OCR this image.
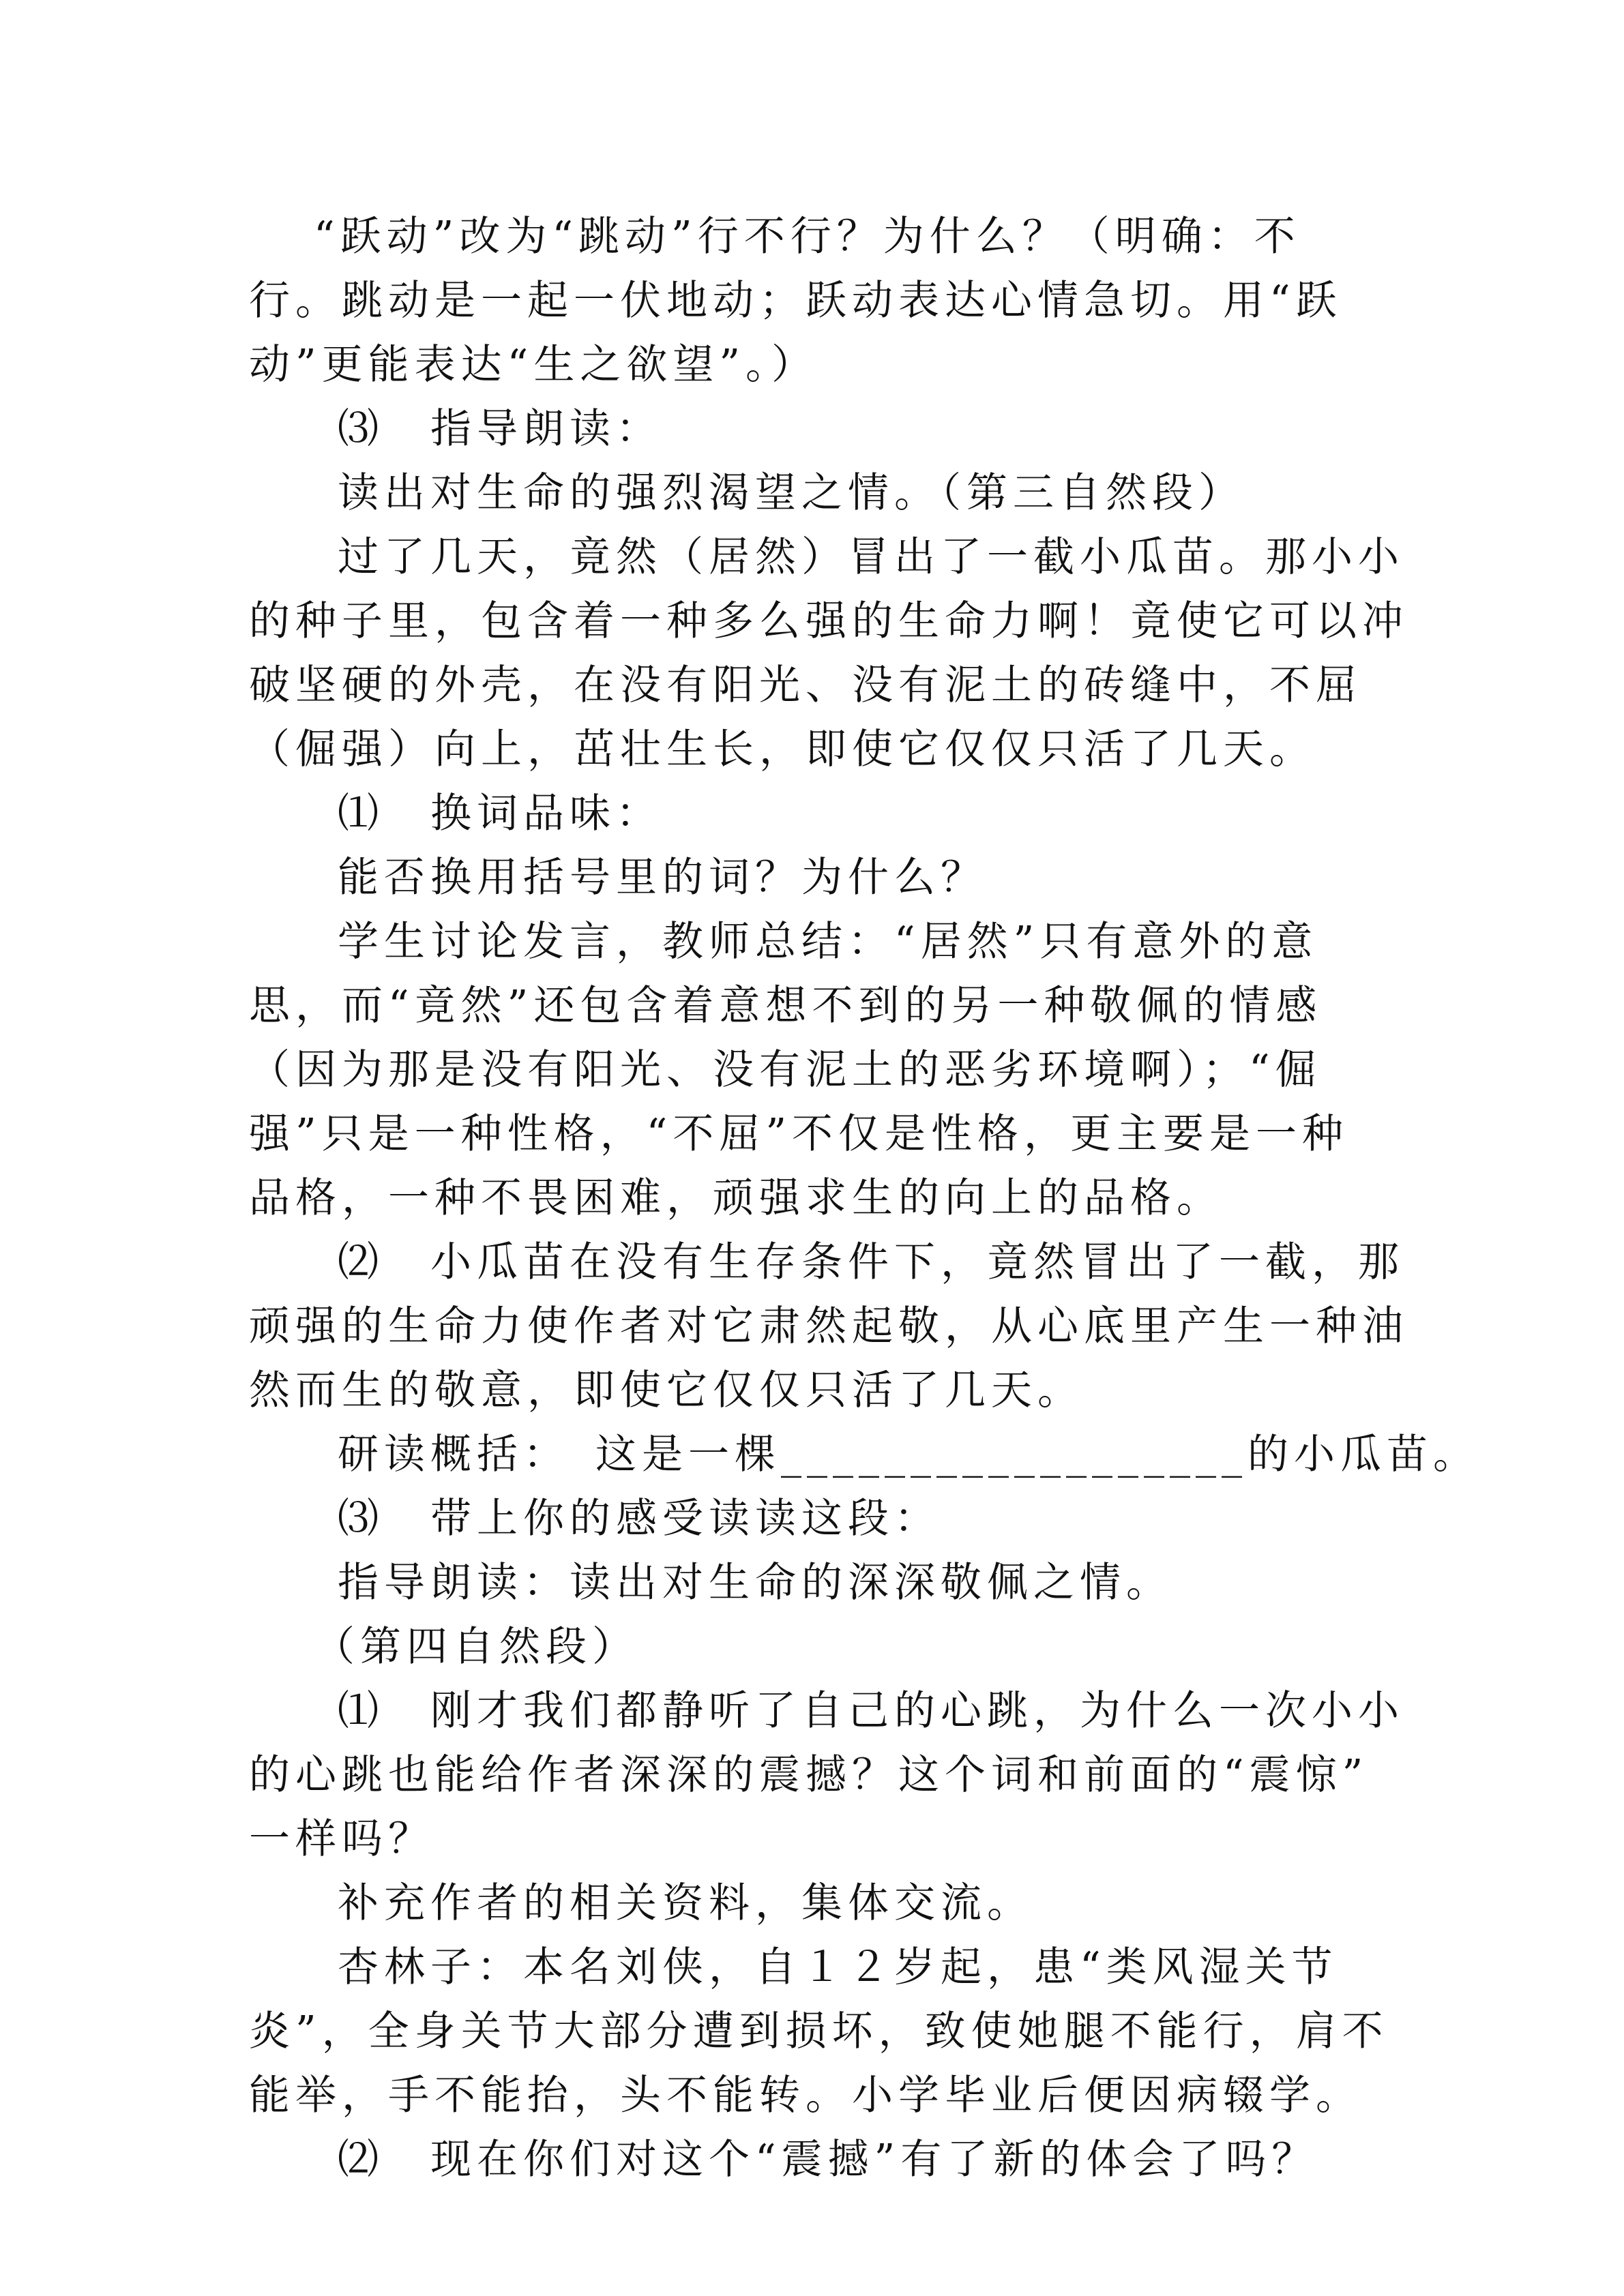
“跃动”改为“跳动”行不行？为什么？（明确：不
行。跳动是一起一伏地动；跃动表达心情急切。用“跃
动”更能表达“生之欲望”。）
⑶　指导朗读：
读出对生命的强烈渴望之情。（第三自然段）
过了几天，竟然（居然）冒出了一截小瓜苗。那小小
的种子里，包含着一种多么强的生命力啊！竟使它可以冲
破坚硬的外壳，在没有阳光、没有泥土的砖缝中，不屈
（倔强）向上，茁壮生长，即使它仅仅只活了几天。
⑴　换词品味：
能否换用括号里的词？为什么？
学生讨论发言，教师总结：“居然”只有意外的意
思，而“竟然”还包含着意想不到的另一种敬佩的情感
（因为那是没有阳光、没有泥土的恶劣环境啊）；“倔
强”只是一种性格，“不屈”不仅是性格，更主要是一种
品格，一种不畏困难，顽强求生的向上的品格。
⑵　小瓜苗在没有生存条件下，竟然冒出了一截，那
顽强的生命力使作者对它肃然起敬，从心底里产生一种油
然而生的敬意，即使它仅仅只活了几天。
研读概括：　这是一棵__________________的小瓜苗。
⑶　带上你的感受读读这段：
指导朗读：读出对生命的深深敬佩之情。
（第四自然段）
⑴　刚才我们都静听了自己的心跳，为什么一次小小
的心跳也能给作者深深的震撼？这个词和前面的“震惊”
一样吗？
补充作者的相关资料，集体交流。
杏林子：本名刘侠，自１２岁起，患“类风湿关节
炎”，全身关节大部分遭到损坏，致使她腿不能行，肩不
能举，手不能抬，头不能转。小学毕业后便因病辍学。
⑵　现在你们对这个“震撼”有了新的体会了吗？
